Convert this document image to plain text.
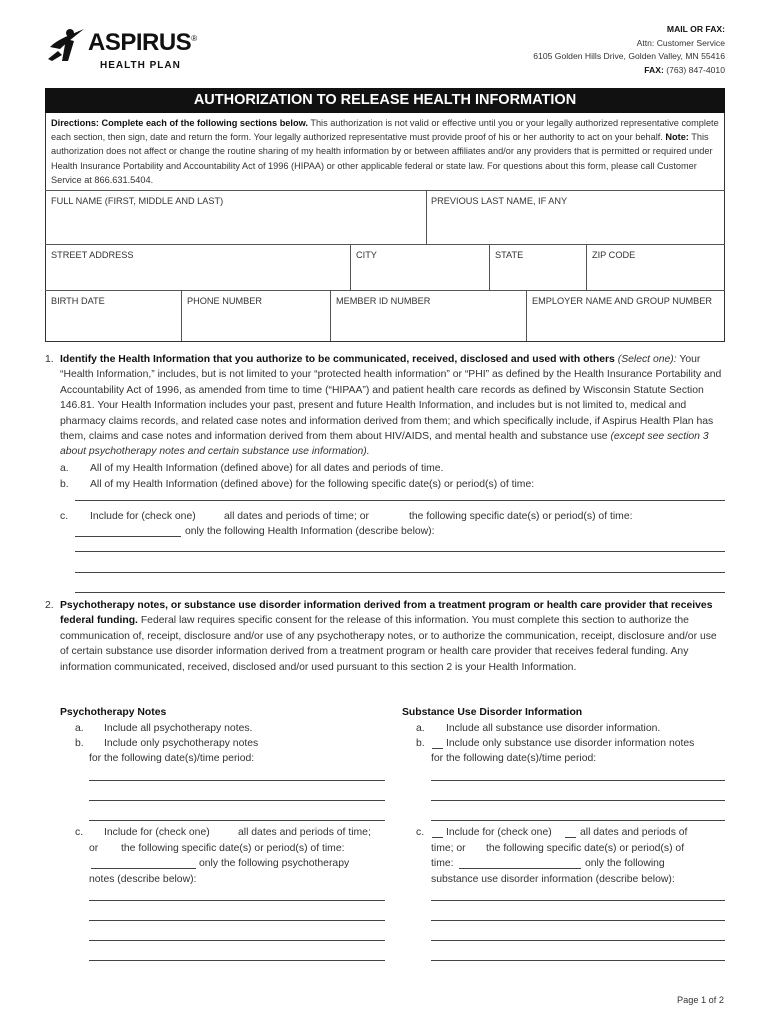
ASPIRUS®
HEALTH PLAN
MAIL OR FAX:
Attn: Customer Service
6105 Golden Hills Drive, Golden Valley, MN 55416
FAX: (763) 847-4010
AUTHORIZATION TO RELEASE HEALTH INFORMATION
Directions: Complete each of the following sections below. This authorization is not valid or effective until you or your legally authorized representative complete each section, then sign, date and return the form. Your legally authorized representative must provide proof of his or her authority to act on your behalf. Note: This authorization does not affect or change the routine sharing of my health information by or between affiliates and/or any providers that is permitted or required under Health Insurance Portability and Accountability Act of 1996 (HIPAA) or other applicable federal or state law. For questions about this form, please call Customer Service at 866.631.5404.
FULL NAME (FIRST, MIDDLE AND LAST)	PREVIOUS LAST NAME, IF ANY
STREET ADDRESS	CITY	STATE	ZIP CODE
BIRTH DATE	PHONE NUMBER	MEMBER ID NUMBER	EMPLOYER NAME AND GROUP NUMBER
1. Identify the Health Information that you authorize to be communicated, received, disclosed and used with others (Select one): Your “Health Information,” includes, but is not limited to your “protected health information” or “PHI” as defined by the Health Insurance Portability and Accountability Act of 1996, as amended from time to time (“HIPAA”) and patient health care records as defined by Wisconsin Statute Section 146.81. Your Health Information includes your past, present and future Health Information, and includes but is not limited to, medical and pharmacy claims records, and related case notes and information derived from them; and which specifically include, if Aspirus Health Plan has them, claims and case notes and information derived from them about HIV/AIDS, and mental health and substance use (except see section 3 about psychotherapy notes and certain substance use information).
a. All of my Health Information (defined above) for all dates and periods of time.
b. All of my Health Information (defined above) for the following specific date(s) or period(s) of time:
c. Include for (check one)	all dates and periods of time; or	the following specific date(s) or period(s) of time:
only the following Health Information (describe below):
2. Psychotherapy notes, or substance use disorder information derived from a treatment program or health care provider that receives federal funding. Federal law requires specific consent for the release of this information. You must complete this section to authorize the communication of, receipt, disclosure and/or use of any psychotherapy notes, or to authorize the communication, receipt, disclosure and/or use of certain substance use disorder information derived from a treatment program or health care provider that receives federal funding. Any information communicated, received, disclosed and/or used pursuant to this section 2 is your Health Information.
Psychotherapy Notes
a. Include all psychotherapy notes.
b. Include only psychotherapy notes
for the following date(s)/time period:
c. Include for (check one)	all dates and periods of time;
or the following specific date(s) or period(s) of time:
only the following psychotherapy
notes (describe below):
Substance Use Disorder Information
a. Include all substance use disorder information.
b. Include only substance use disorder information notes
for the following date(s)/time period:
c. Include for (check one)	all dates and periods of
time; or the following specific date(s) or period(s) of
time:	only the following
substance use disorder information (describe below):
Page 1 of 2
